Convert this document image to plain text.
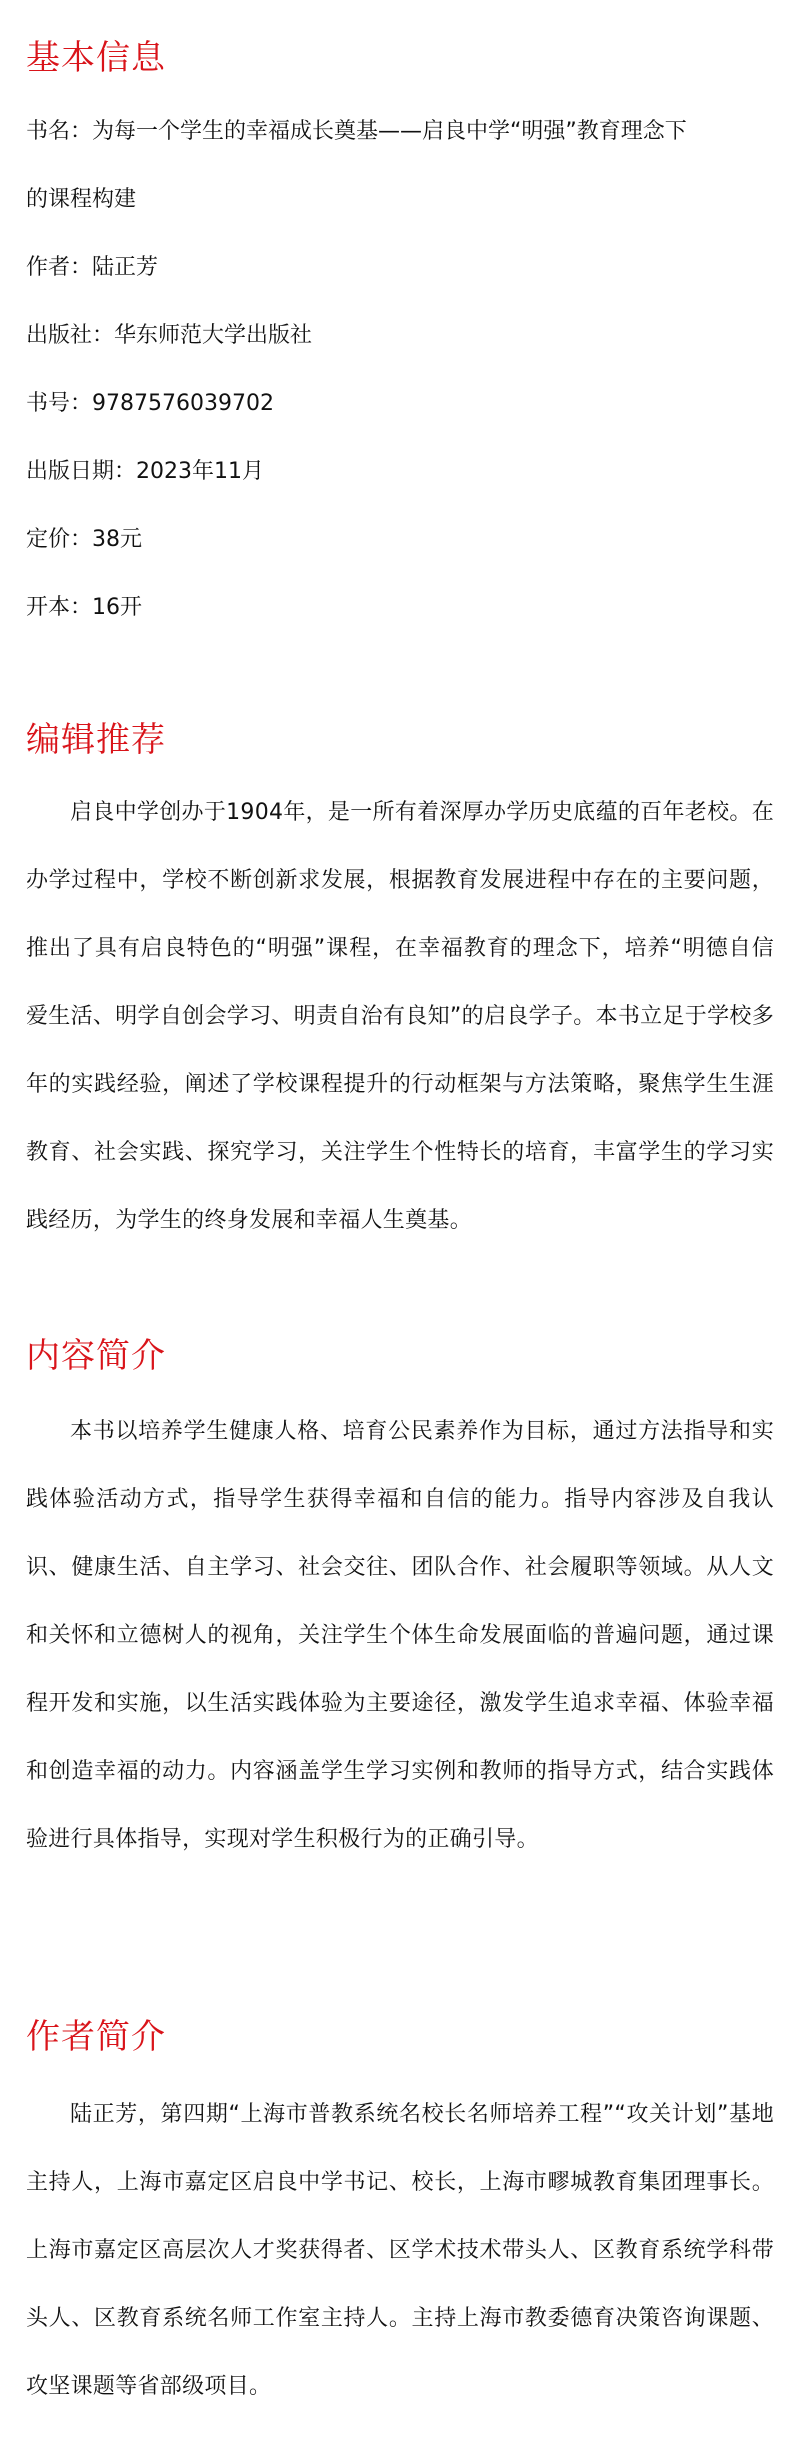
基本信息

书名：为每一个学生的幸福成长奠基——启良中学“明强”教育理念下

的课程构建

作者：陆正芳

出版社：华东师范大学出版社

书号：9787576039702

出版日期：2023年11月

定价：38元

开本：16开

编辑推荐

启良中学创办于1904年，是一所有着深厚办学历史底蕴的百年老校。在办学过程中，学校不断创新求发展，根据教育发展进程中存在的主要问题，推出了具有启良特色的“明强”课程，在幸福教育的理念下，培养“明德自信爱生活、明学自创会学习、明责自治有良知”的启良学子。本书立足于学校多年的实践经验，阐述了学校课程提升的行动框架与方法策略，聚焦学生生涯教育、社会实践、探究学习，关注学生个性特长的培育，丰富学生的学习实践经历，为学生的终身发展和幸福人生奠基。

内容简介

本书以培养学生健康人格、培育公民素养作为目标，通过方法指导和实践体验活动方式，指导学生获得幸福和自信的能力。指导内容涉及自我认识、健康生活、自主学习、社会交往、团队合作、社会履职等领域。从人文和关怀和立德树人的视角，关注学生个体生命发展面临的普遍问题，通过课程开发和实施，以生活实践体验为主要途径，激发学生追求幸福、体验幸福和创造幸福的动力。内容涵盖学生学习实例和教师的指导方式，结合实践体验进行具体指导，实现对学生积极行为的正确引导。

作者简介

陆正芳，第四期“上海市普教系统名校长名师培养工程”“攻关计划”基地主持人，上海市嘉定区启良中学书记、校长，上海市疁城教育集团理事长。上海市嘉定区高层次人才奖获得者、区学术技术带头人、区教育系统学科带头人、区教育系统名师工作室主持人。主持上海市教委德育决策咨询课题、攻坚课题等省部级项目。
